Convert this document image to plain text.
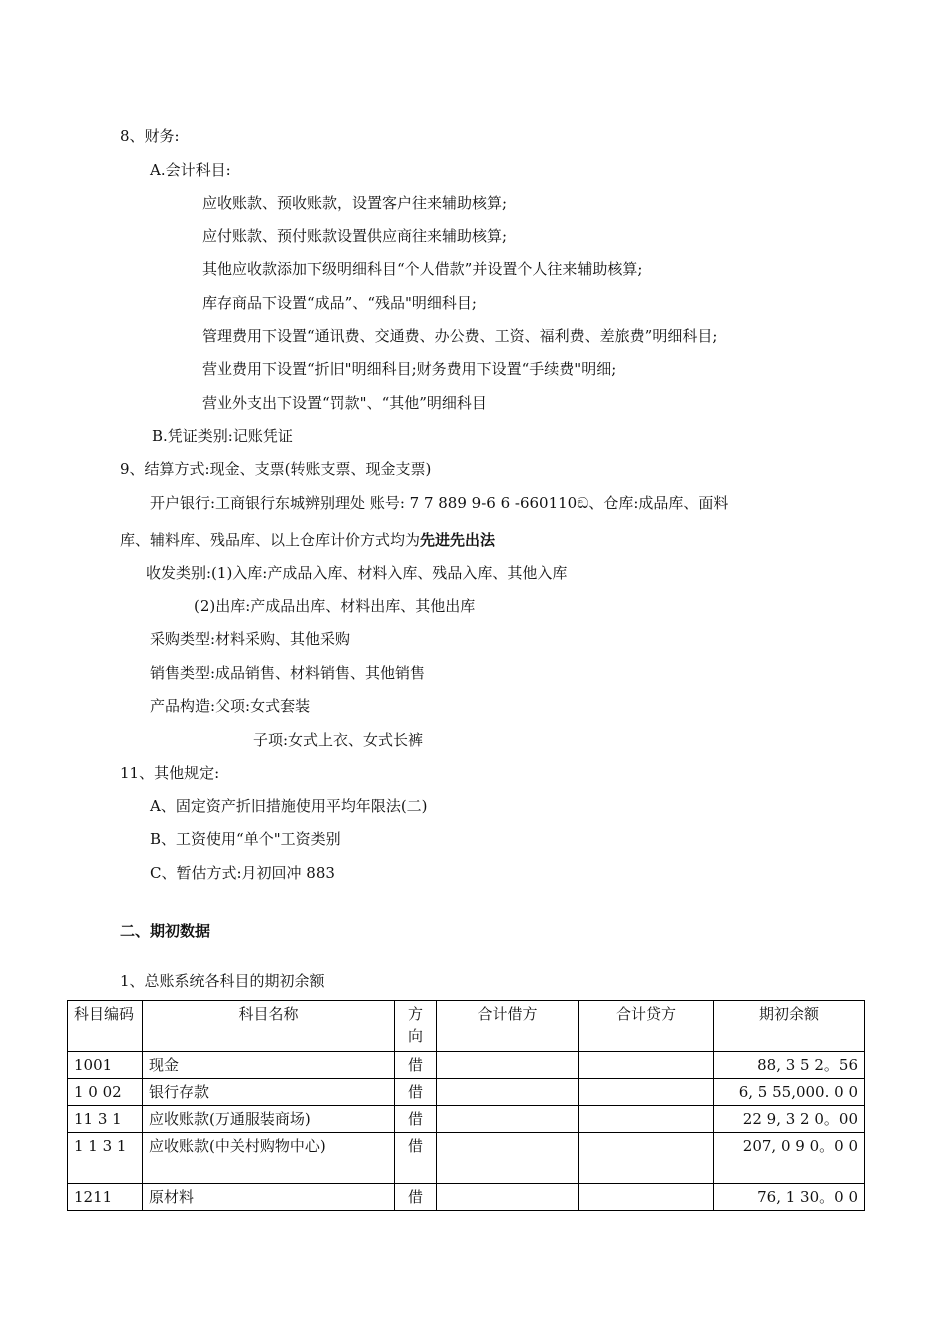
8、财务:
A.会计科目:
应收账款、预收账款，设置客户往来辅助核算;
应付账款、预付账款设置供应商往来辅助核算;
其他应收款添加下级明细科目“个人借款”并设置个人往来辅助核算;
库存商品下设置“成品”、“残品"明细科目;
管理费用下设置“通讯费、交通费、办公费、工资、福利费、差旅费”明细科目;
营业费用下设置“折旧"明细科目;财务费用下设置“手续费"明细;
营业外支出下设置“罚款"、“其他”明细科目
B.凭证类别:记账凭证
9、结算方式:现金、支票(转账支票、现金支票)
开户银行:工商银行东城辨别理处 账号: 7 7 889 9-6 6 -660110ඞ、仓库:成品库、面料
库、辅料库、残品库、以上仓库计价方式均为先进先出法
收发类别:(1)入库:产成品入库、材料入库、残品入库、其他入库
(2)出库:产成品出库、材料出库、其他出库
采购类型:材料采购、其他采购
销售类型:成品销售、材料销售、其他销售
产品构造:父项:女式套装
子项:女式上衣、女式长裤
11、其他规定:
A、固定资产折旧措施使用平均年限法(二)
B、工资使用“单个"工资类别
C、暂估方式:月初回冲 883
二、期初数据
1、总账系统各科目的期初余额
科目编码	科目名称	方向	合计借方	合计贷方	期初余额
1001	现金	借			88, 3 5 2。56
1 0 02	银行存款	借			6, 5 55,000. 0 0
11 3 1	应收账款(万通服装商场)	借			22 9, 3 2 0。00
1 1 3 1	应收账款(中关村购物中心)	借			207, 0 9 0。0 0
1211	原材料	借			76, 1 30。0 0
